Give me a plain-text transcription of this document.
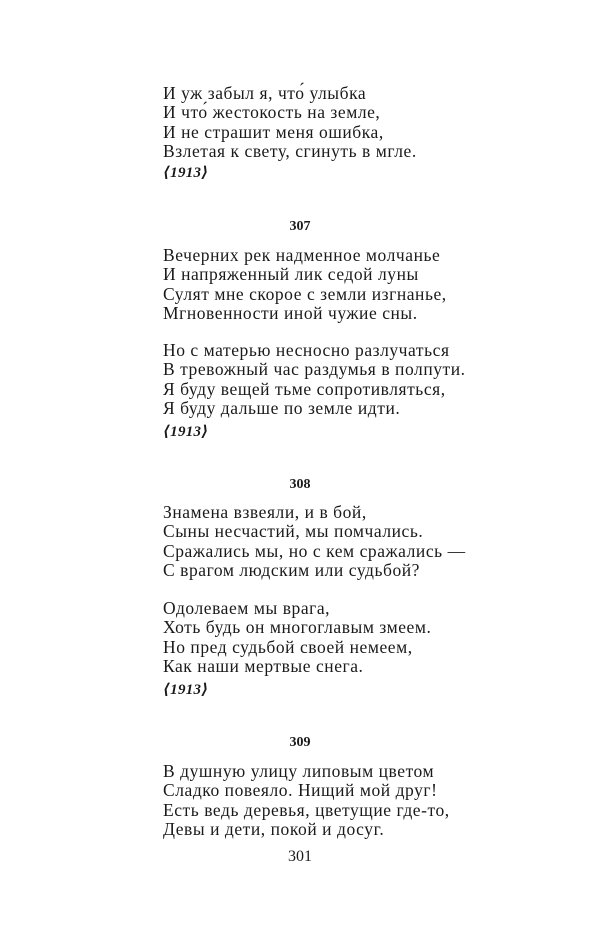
И уж забыл я, что́ улыбка
И что́ жестокость на земле,
И не страшит меня ошибка,
Взлетая к свету, сгинуть в мгле.
⟨1913⟩
307
Вечерних рек надменное молчанье
И напряженный лик седой луны
Сулят мне скорое с земли изгнанье,
Мгновенности иной чужие сны.
Но с матерью несносно разлучаться
В тревожный час раздумья в полпути.
Я буду вещей тьме сопротивляться,
Я буду дальше по земле идти.
⟨1913⟩
308
Знамена взвеяли, и в бой,
Сыны несчастий, мы помчались.
Сражались мы, но с кем сражались —
С врагом людским или судьбой?
Одолеваем мы врага,
Хоть будь он многоглавым змеем.
Но пред судьбой своей немеем,
Как наши мертвые снега.
⟨1913⟩
309
В душную улицу липовым цветом
Сладко повеяло. Нищий мой друг!
Есть ведь деревья, цветущие где-то,
Девы и дети, покой и досуг.
301
